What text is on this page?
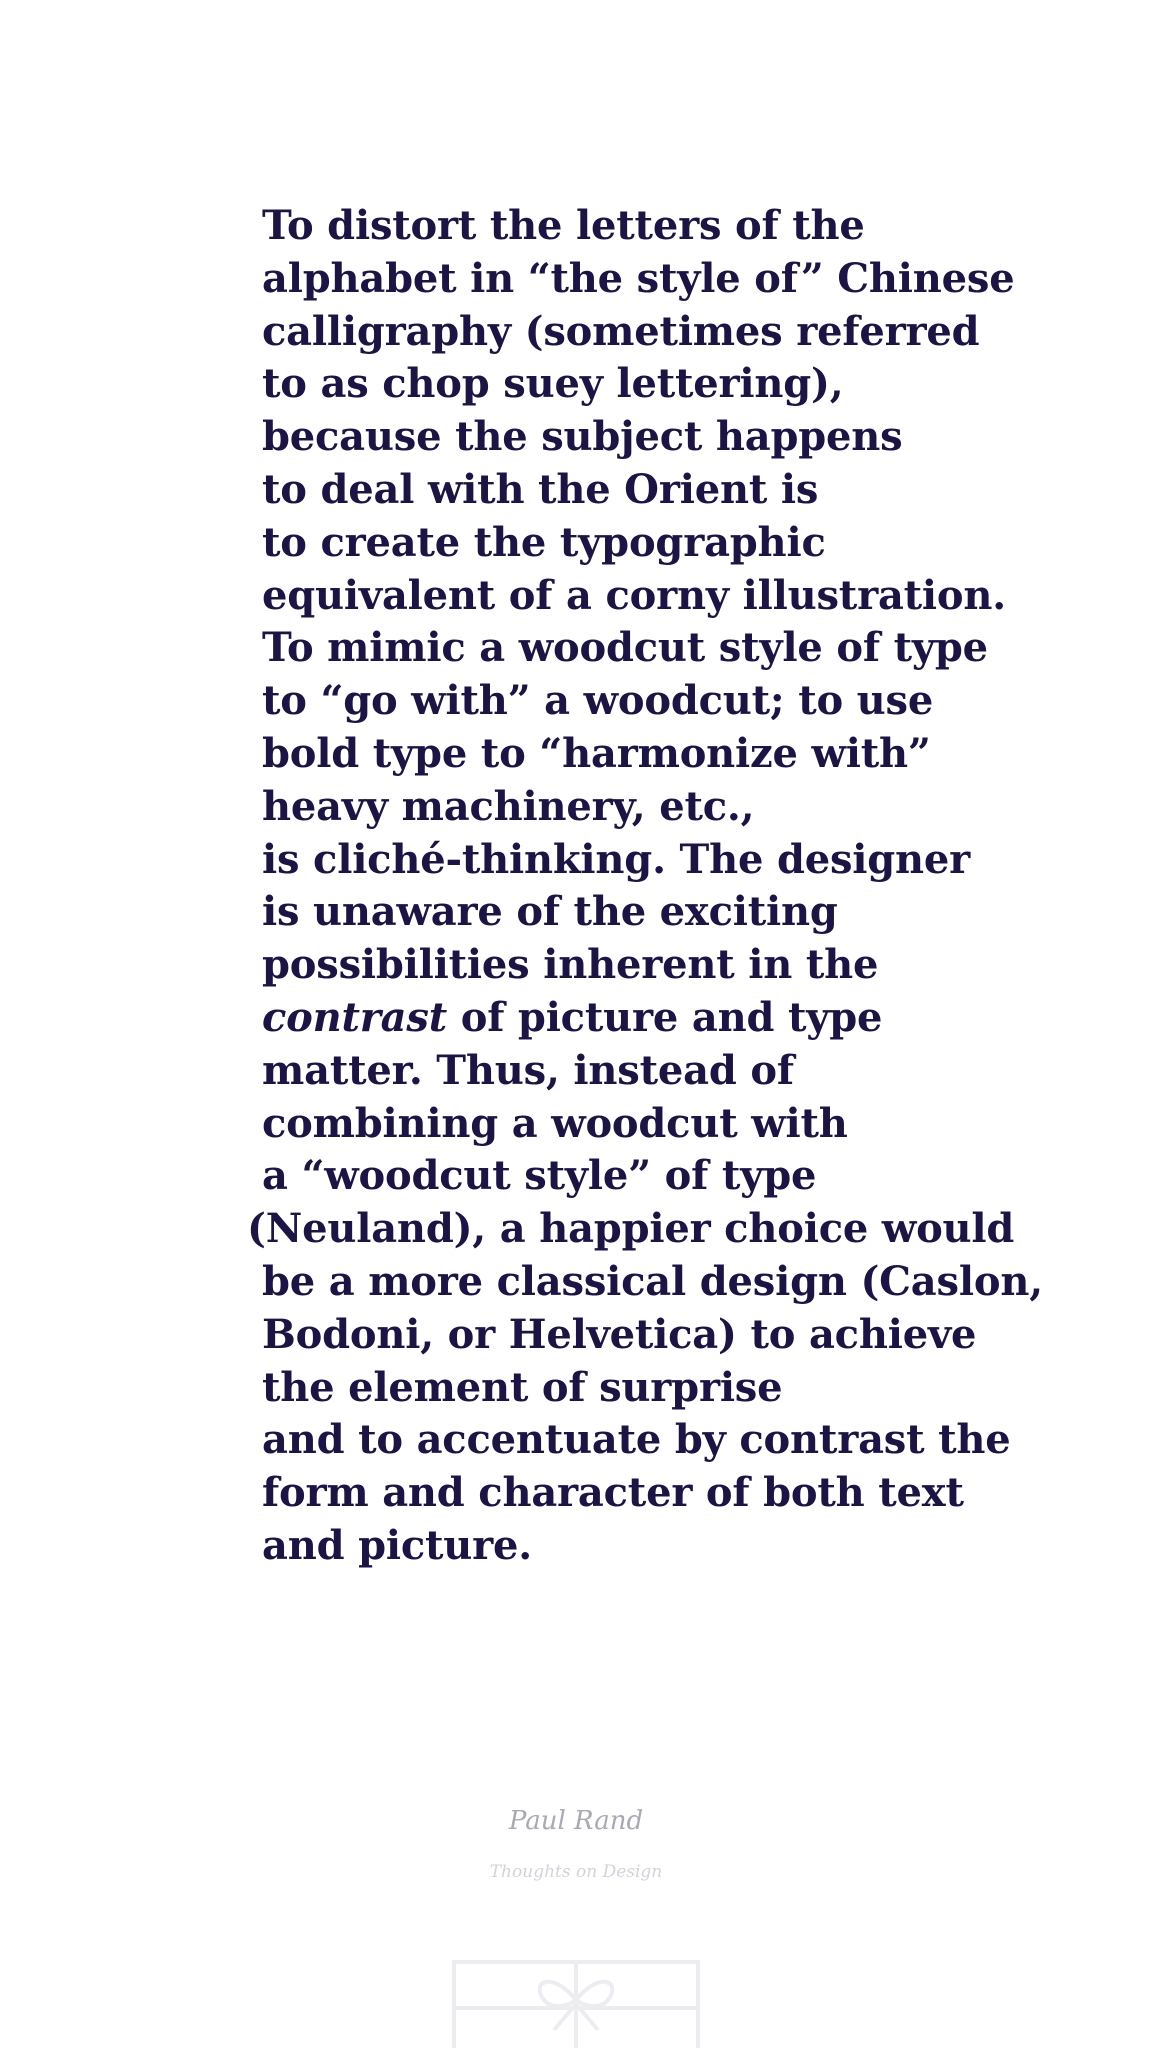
To distort the letters of the
alphabet in “the style of” Chinese
calligraphy (sometimes referred
to as chop suey lettering),
because the subject happens
to deal with the Orient is
to create the typographic
equivalent of a corny illustration.
To mimic a woodcut style of type
to “go with” a woodcut; to use
bold type to “harmonize with”
heavy machinery, etc.,
is cliché-thinking. The designer
is unaware of the exciting
possibilities inherent in the
contrast of picture and type
matter. Thus, instead of
combining a woodcut with
a “woodcut style” of type
(Neuland), a happier choice would
be a more classical design (Caslon,
Bodoni, or Helvetica) to achieve
the element of surprise
and to accentuate by contrast the
form and character of both text
and picture.
Paul Rand
Thoughts on Design
